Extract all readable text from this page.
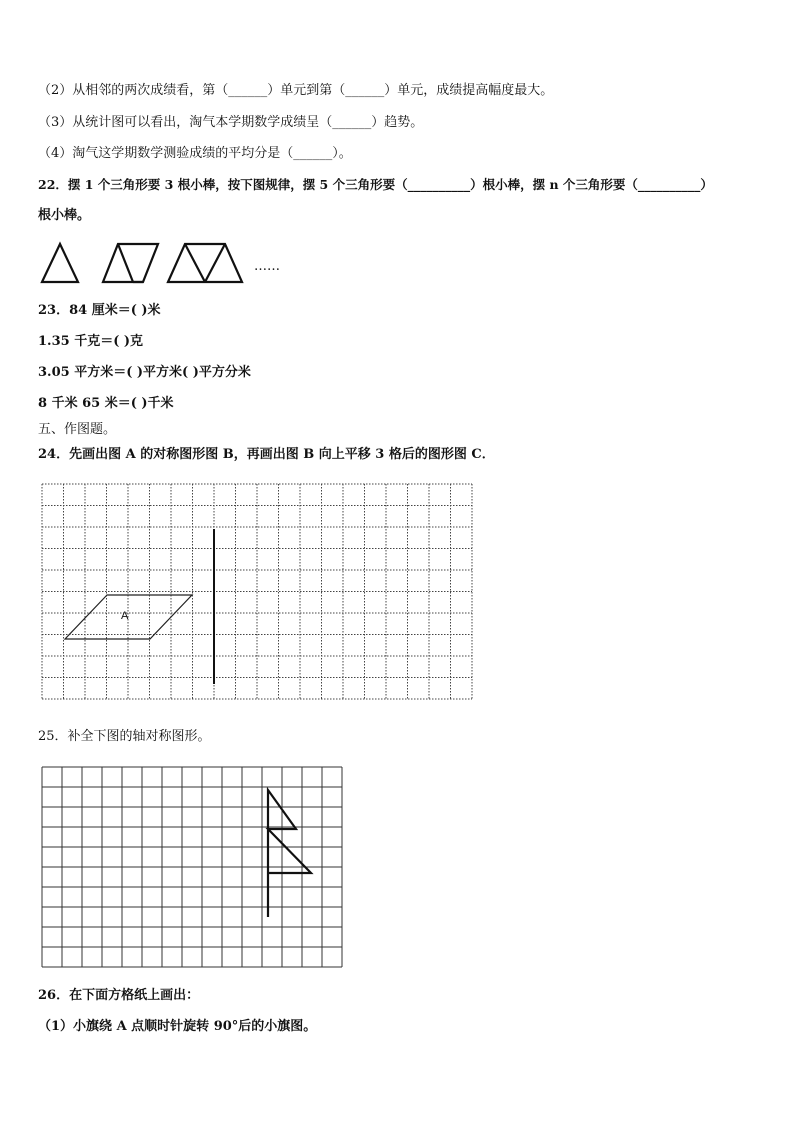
（2）从相邻的两次成绩看，第（______）单元到第（______）单元，成绩提高幅度最大。
（3）从统计图可以看出，淘气本学期数学成绩呈（______）趋势。
（4）淘气这学期数学测验成绩的平均分是（______）。
22．摆 1 个三角形要 3 根小棒，按下图规律，摆 5 个三角形要（__________）根小棒，摆 n 个三角形要（__________）
根小棒。
……
23．84 厘米＝( )米
1.35 千克＝( )克
3.05 平方米＝( )平方米( )平方分米
8 千米 65 米＝( )千米
五、作图题。
24．先画出图 A 的对称图形图 B，再画出图 B 向上平移 3 格后的图形图 C．
A
25．补全下图的轴对称图形。
26．在下面方格纸上画出：
（1）小旗绕 A 点顺时针旋转 90°后的小旗图。
